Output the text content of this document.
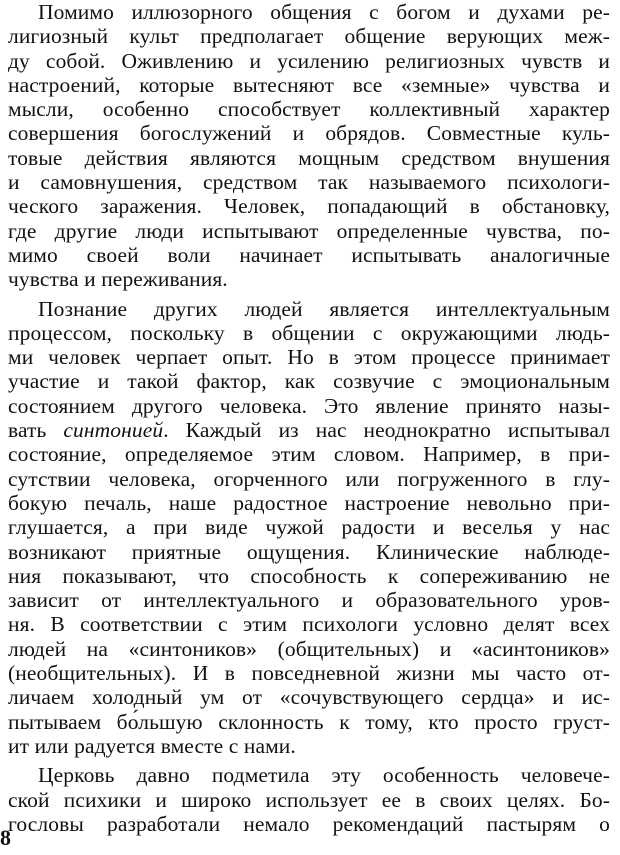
Помимо иллюзорного общения с богом и духами ре-
лигиозный культ предполагает общение верующих меж-
ду собой. Оживлению и усилению религиозных чувств и
настроений, которые вытесняют все «земные» чувства и
мысли, особенно способствует коллективный характер
совершения богослужений и обрядов. Совместные куль-
товые действия являются мощным средством внушения
и самовнушения, средством так называемого психологи-
ческого заражения. Человек, попадающий в обстановку,
где другие люди испытывают определенные чувства, по-
мимо своей воли начинает испытывать аналогичные
чувства и переживания.
Познание других людей является интеллектуальным
процессом, поскольку в общении с окружающими людь-
ми человек черпает опыт. Но в этом процессе принимает
участие и такой фактор, как созвучие с эмоциональным
состоянием другого человека. Это явление принято назы-
вать синтонией. Каждый из нас неоднократно испытывал
состояние, определяемое этим словом. Например, в при-
сутствии человека, огорченного или погруженного в глу-
бокую печаль, наше радостное настроение невольно при-
глушается, а при виде чужой радости и веселья у нас
возникают приятные ощущения. Клинические наблюде-
ния показывают, что способность к сопереживанию не
зависит от интеллектуального и образовательного уров-
ня. В соответствии с этим психологи условно делят всех
людей на «синтоников» (общительных) и «асинтоников»
(необщительных). И в повседневной жизни мы часто от-
личаем холодный ум от «сочувствующего сердца» и ис-
пытываем бо́льшую склонность к тому, кто просто груст-
ит или радуется вместе с нами.
Церковь давно подметила эту особенность человече-
ской психики и широко использует ее в своих целях. Бо-
гословы разработали немало рекомендаций пастырям о
8
